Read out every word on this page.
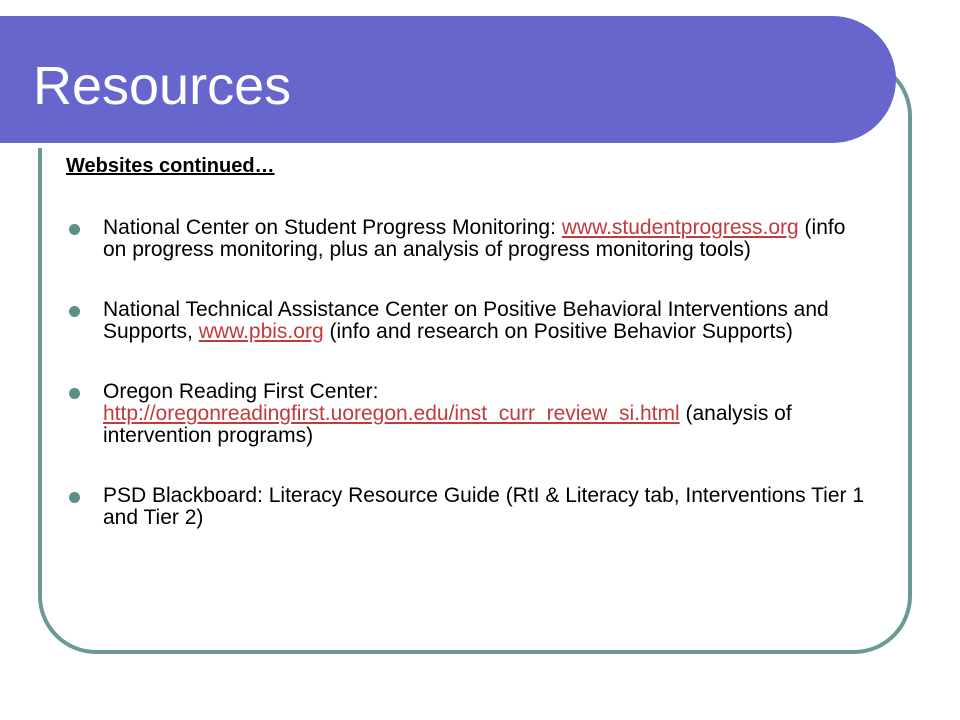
Resources
Websites continued…
National Center on Student Progress Monitoring: www.studentprogress.org (info on progress monitoring, plus an analysis of progress monitoring tools)
National Technical Assistance Center on Positive Behavioral Interventions and Supports, www.pbis.org (info and research on Positive Behavior Supports)
Oregon Reading First Center: http://oregonreadingfirst.uoregon.edu/inst_curr_review_si.html (analysis of intervention programs)
PSD Blackboard: Literacy Resource Guide (RtI & Literacy tab, Interventions Tier 1 and Tier 2)
